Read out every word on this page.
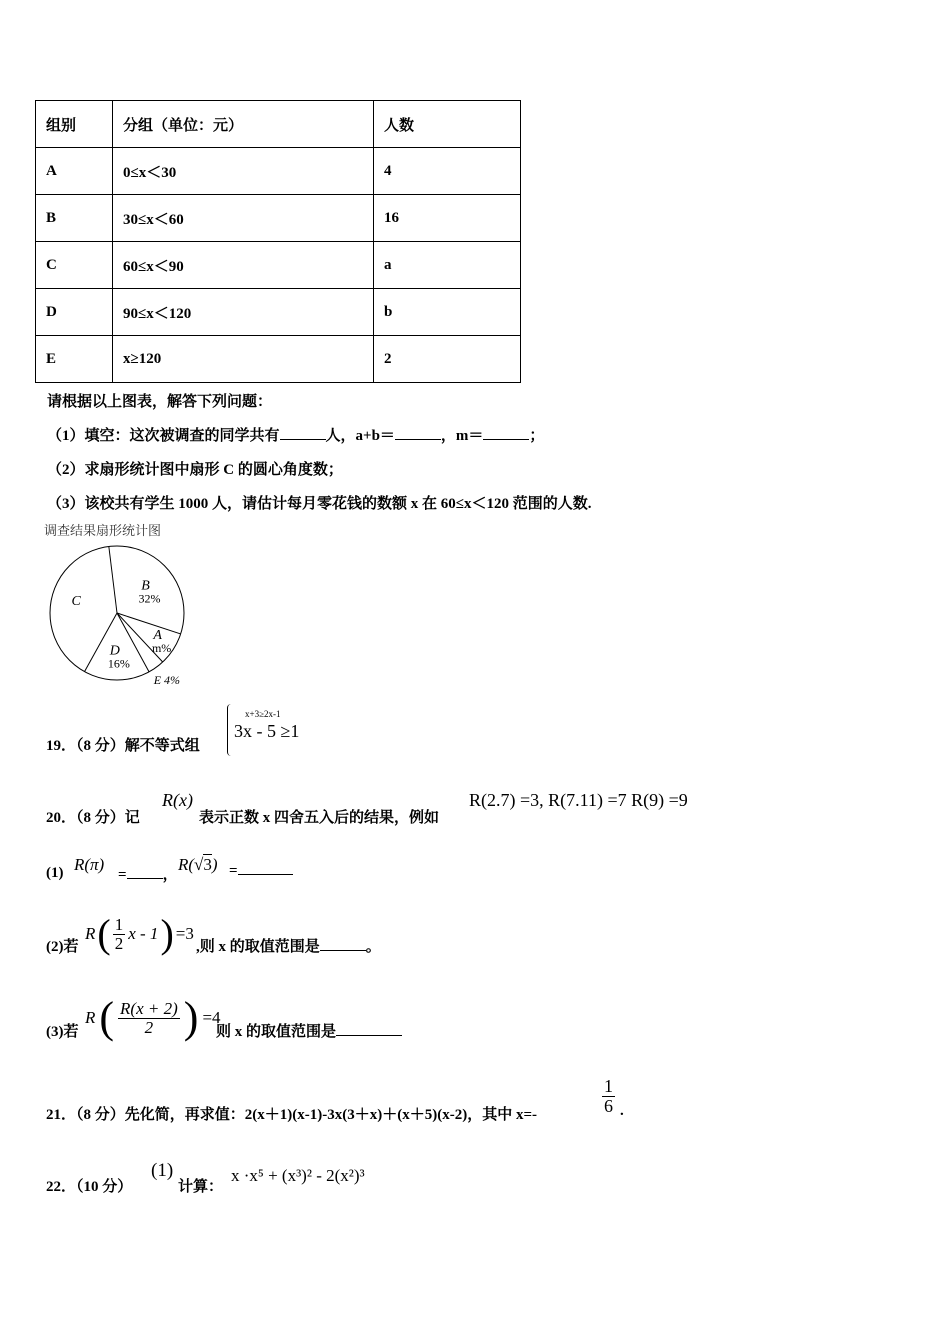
组别	分组（单位：元）	人数
A	0≤x＜30	4
B	30≤x＜60	16
C	60≤x＜90	a
D	90≤x＜120	b
E	x≥120	2
请根据以上图表，解答下列问题：
（1）填空：这次被调查的同学共有	人，a+b＝	，m＝	；
（2）求扇形统计图中扇形 C 的圆心角度数；
（3）该校共有学生 1000 人，请估计每月零花钱的数额 x 在 60≤x＜120 范围的人数.
调查结果扇形统计图
B
32%
A
m%
E 4%
D
16%
C
19．（8 分）解不等式组
x+3≥2x-1
3x - 5 ≥1
20．（8 分）记
R(x)
表示正数 x 四舍五入后的结果，例如
R(2.7) =3, R(7.11) =7 R(9) =9
(1) R(π)
= ，
R(√3) =
(2)若
R ( $\frac{1}{2}$ x - 1 ) =3
,则 x 的取值范围是	。
(3)若
R ( $\frac{R(x + 2)}{2}$ ) =4
则 x 的取值范围是
21．（8 分）先化简，再求值：2(x＋1)(x-1)-3x(3＋x)＋(x＋5)(x-2)，其中 x=-	$\frac{1}{6}$ .
22．（10 分）
(1)
计算：
x ·x⁵ + (x³)² - 2(x²)³
